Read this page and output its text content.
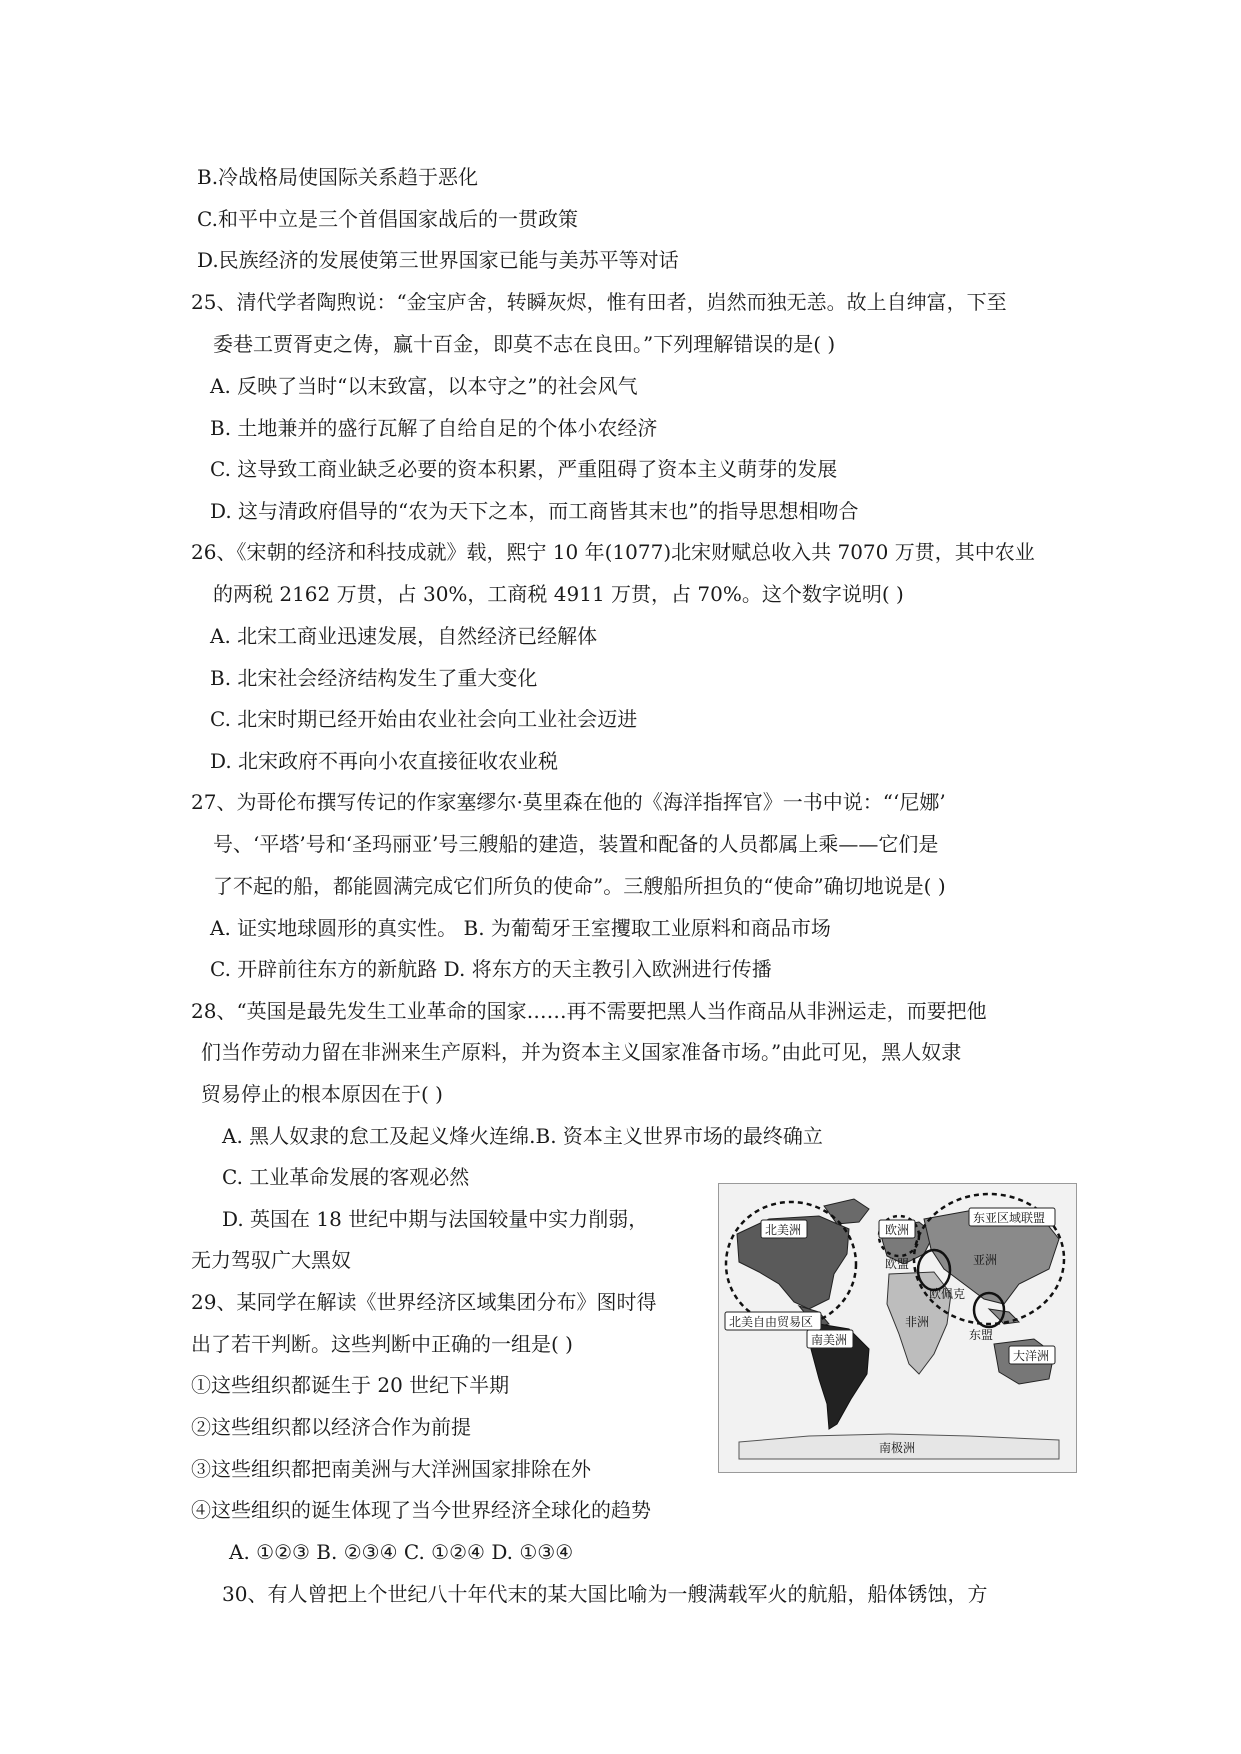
B.冷战格局使国际关系趋于恶化
C.和平中立是三个首倡国家战后的一贯政策
D.民族经济的发展使第三世界国家已能与美苏平等对话
25、清代学者陶煦说：“金宝庐舍，转瞬灰烬，惟有田者，岿然而独无恙。故上自绅富，下至
委巷工贾胥吏之俦，赢十百金，即莫不志在良田。”下列理解错误的是( )
A. 反映了当时“以末致富，以本守之”的社会风气
B. 土地兼并的盛行瓦解了自给自足的个体小农经济
C. 这导致工商业缺乏必要的资本积累，严重阻碍了资本主义萌芽的发展
D. 这与清政府倡导的“农为天下之本，而工商皆其末也”的指导思想相吻合
26、《宋朝的经济和科技成就》载，熙宁 10 年(1077)北宋财赋总收入共 7070 万贯，其中农业
的两税 2162 万贯，占 30%，工商税 4911 万贯，占 70%。这个数字说明( )
A. 北宋工商业迅速发展，自然经济已经解体
B. 北宋社会经济结构发生了重大变化
C. 北宋时期已经开始由农业社会向工业社会迈进
D. 北宋政府不再向小农直接征收农业税
27、为哥伦布撰写传记的作家塞缪尔·莫里森在他的《海洋指挥官》一书中说：“‘尼娜’
号、‘平塔’号和‘圣玛丽亚’号三艘船的建造，装置和配备的人员都属上乘——它们是
了不起的船，都能圆满完成它们所负的使命”。三艘船所担负的“使命”确切地说是( )
A. 证实地球圆形的真实性。 B. 为葡萄牙王室攫取工业原料和商品市场
C. 开辟前往东方的新航路 D. 将东方的天主教引入欧洲进行传播
28、“英国是最先发生工业革命的国家……再不需要把黑人当作商品从非洲运走，而要把他
们当作劳动力留在非洲来生产原料，并为资本主义国家准备市场。”由此可见，黑人奴隶
贸易停止的根本原因在于( )
A. 黑人奴隶的怠工及起义烽火连绵.B. 资本主义世界市场的最终确立
C. 工业革命发展的客观必然
D. 英国在 18 世纪中期与法国较量中实力削弱，
无力驾驭广大黑奴
29、某同学在解读《世界经济区域集团分布》图时得
出了若干判断。这些判断中正确的一组是( )
①这些组织都诞生于 20 世纪下半期
②这些组织都以经济合作为前提
③这些组织都把南美洲与大洋洲国家排除在外
④这些组织的诞生体现了当今世界经济全球化的趋势
A. ①②③ B. ②③④ C. ①②④ D. ①③④
30、有人曾把上个世纪八十年代末的某大国比喻为一艘满载军火的航船，船体锈蚀，方
北美洲
北美自由贸易区
南美洲
欧洲
欧盟
非洲
欧佩克
东亚区域联盟
亚洲
东盟
大洋洲
南极洲
